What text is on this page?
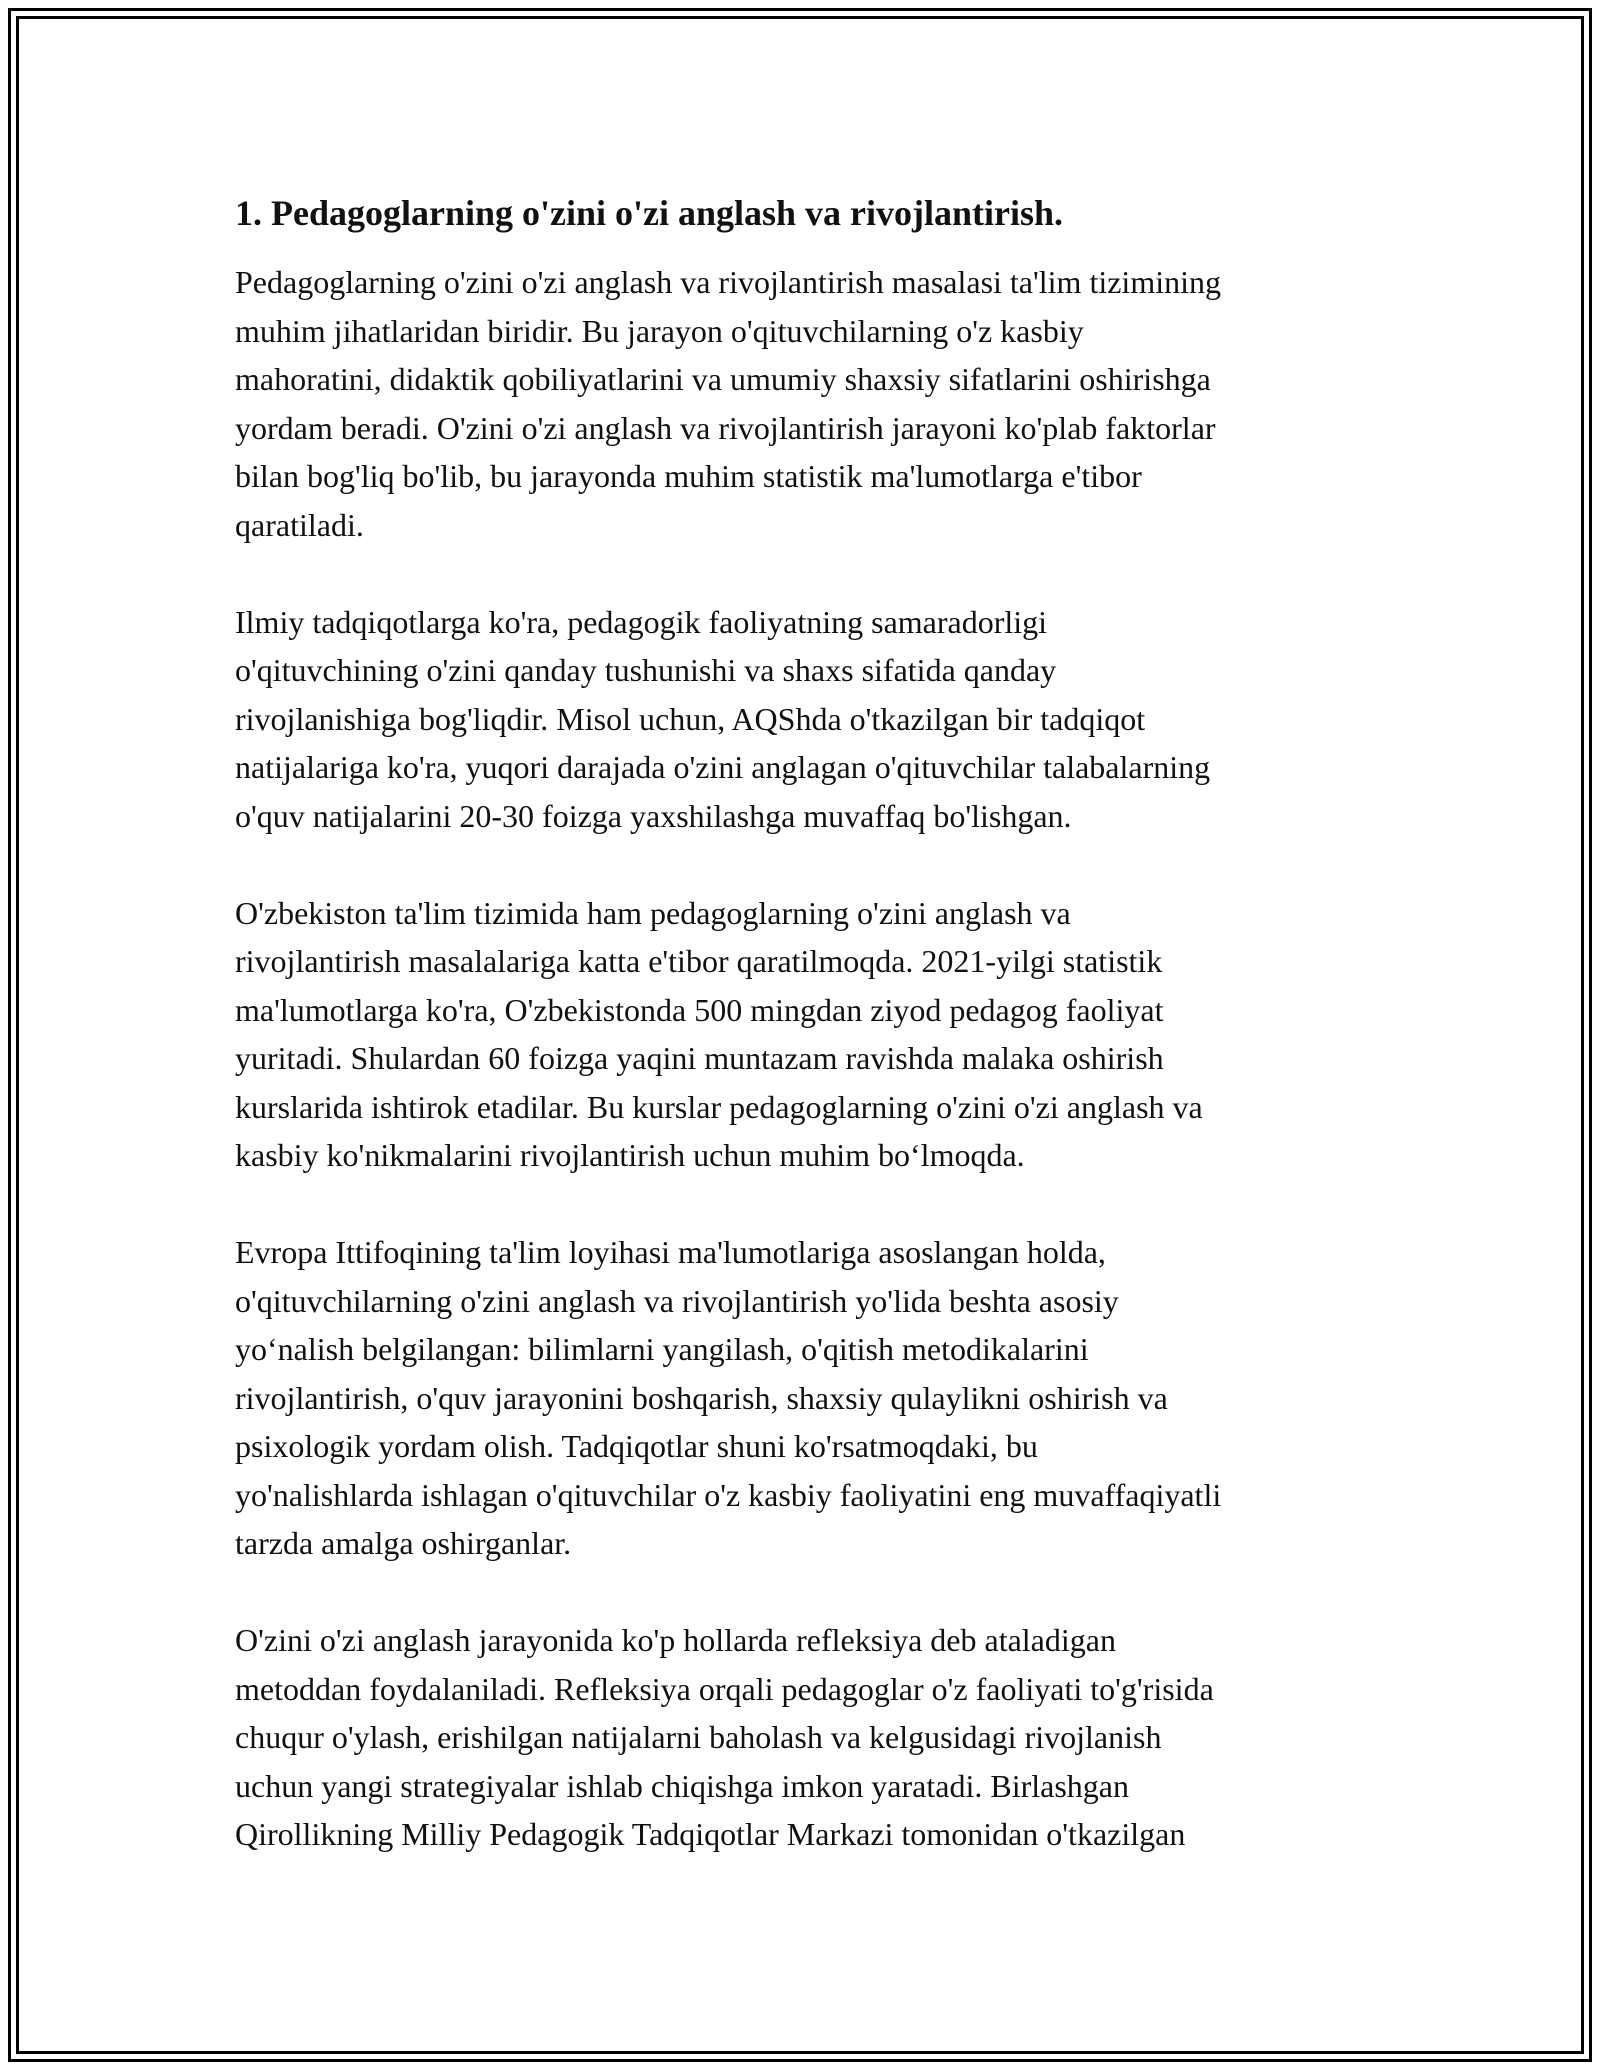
1. Pedagoglarning o'zini o'zi anglash va rivojlantirish.

Pedagoglarning o'zini o'zi anglash va rivojlantirish masalasi ta'lim tizimining
muhim jihatlaridan biridir. Bu jarayon o'qituvchilarning o'z kasbiy
mahoratini, didaktik qobiliyatlarini va umumiy shaxsiy sifatlarini oshirishga
yordam beradi. O'zini o'zi anglash va rivojlantirish jarayoni ko'plab faktorlar
bilan bog'liq bo'lib, bu jarayonda muhim statistik ma'lumotlarga e'tibor
qaratiladi.

Ilmiy tadqiqotlarga ko'ra, pedagogik faoliyatning samaradorligi
o'qituvchining o'zini qanday tushunishi va shaxs sifatida qanday
rivojlanishiga bog'liqdir. Misol uchun, AQShda o'tkazilgan bir tadqiqot
natijalariga ko'ra, yuqori darajada o'zini anglagan o'qituvchilar talabalarning
o'quv natijalarini 20-30 foizga yaxshilashga muvaffaq bo'lishgan.

O'zbekiston ta'lim tizimida ham pedagoglarning o'zini anglash va
rivojlantirish masalalariga katta e'tibor qaratilmoqda. 2021-yilgi statistik
ma'lumotlarga ko'ra, O'zbekistonda 500 mingdan ziyod pedagog faoliyat
yuritadi. Shulardan 60 foizga yaqini muntazam ravishda malaka oshirish
kurslarida ishtirok etadilar. Bu kurslar pedagoglarning o'zini o'zi anglash va
kasbiy ko'nikmalarini rivojlantirish uchun muhim bo‘lmoqda.

Evropa Ittifoqining ta'lim loyihasi ma'lumotlariga asoslangan holda,
o'qituvchilarning o'zini anglash va rivojlantirish yo'lida beshta asosiy
yo‘nalish belgilangan: bilimlarni yangilash, o'qitish metodikalarini
rivojlantirish, o'quv jarayonini boshqarish, shaxsiy qulaylikni oshirish va
psixologik yordam olish. Tadqiqotlar shuni ko'rsatmoqdaki, bu
yo'nalishlarda ishlagan o'qituvchilar o'z kasbiy faoliyatini eng muvaffaqiyatli
tarzda amalga oshirganlar.

O'zini o'zi anglash jarayonida ko'p hollarda refleksiya deb ataladigan
metoddan foydalaniladi. Refleksiya orqali pedagoglar o'z faoliyati to'g'risida
chuqur o'ylash, erishilgan natijalarni baholash va kelgusidagi rivojlanish
uchun yangi strategiyalar ishlab chiqishga imkon yaratadi. Birlashgan
Qirollikning Milliy Pedagogik Tadqiqotlar Markazi tomonidan o'tkazilgan
